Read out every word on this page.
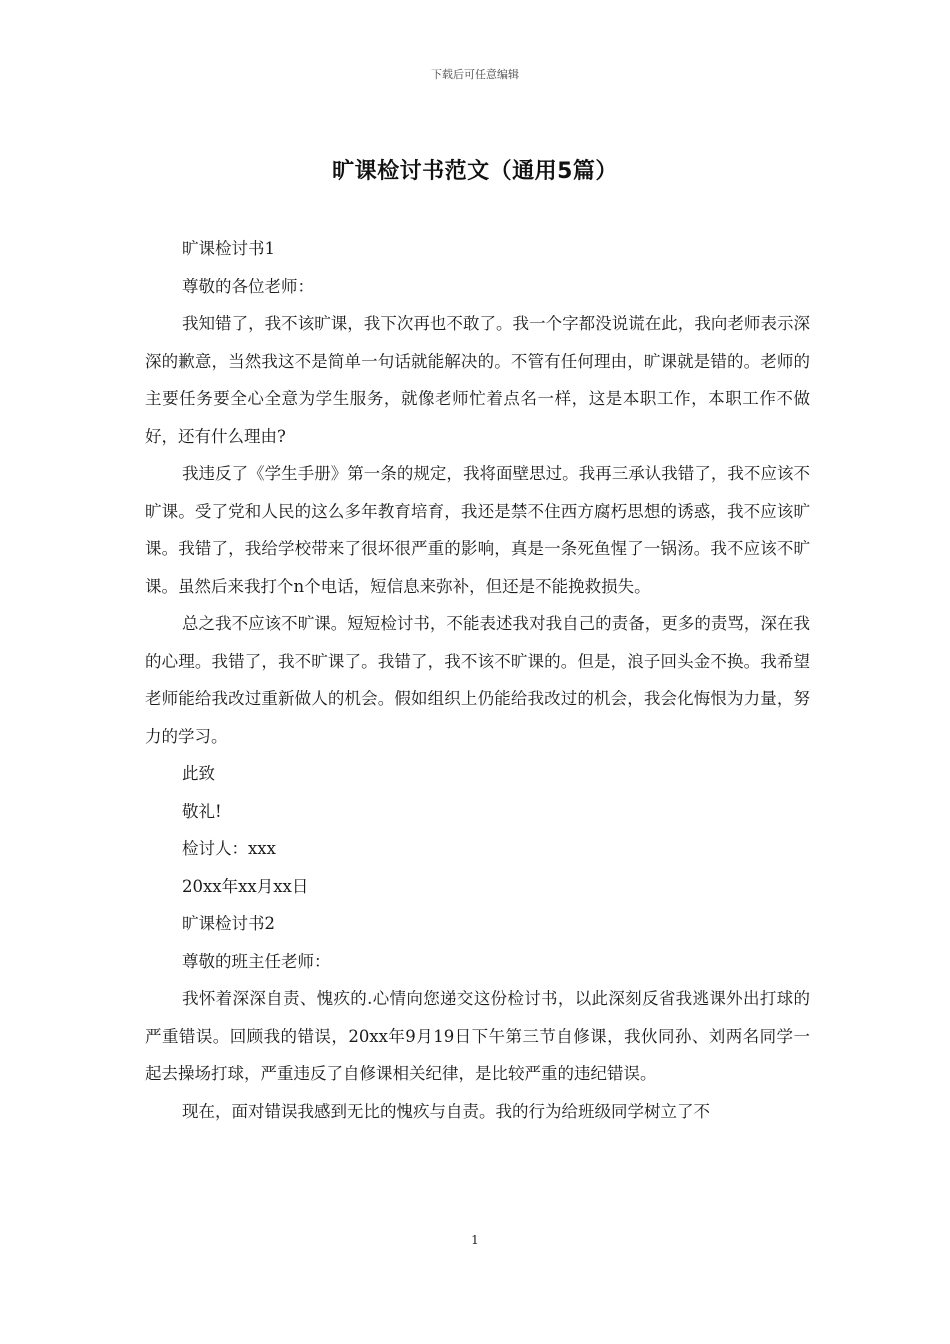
下载后可任意编辑
旷课检讨书范文（通用5篇）

旷课检讨书1

尊敬的各位老师：

我知错了，我不该旷课，我下次再也不敢了。我一个字都没说谎在此，我向老师表示深深的歉意，当然我这不是简单一句话就能解决的。不管有任何理由，旷课就是错的。老师的主要任务要全心全意为学生服务，就像老师忙着点名一样，这是本职工作，本职工作不做好，还有什么理由?

我违反了《学生手册》第一条的规定，我将面壁思过。我再三承认我错了，我不应该不旷课。受了党和人民的这么多年教育培育，我还是禁不住西方腐朽思想的诱惑，我不应该旷课。我错了，我给学校带来了很坏很严重的影响，真是一条死鱼惺了一锅汤。我不应该不旷课。虽然后来我打个n个电话，短信息来弥补，但还是不能挽救损失。

总之我不应该不旷课。短短检讨书，不能表述我对我自己的责备，更多的责骂，深在我的心理。我错了，我不旷课了。我错了，我不该不旷课的。但是，浪子回头金不换。我希望老师能给我改过重新做人的机会。假如组织上仍能给我改过的机会，我会化悔恨为力量，努力的学习。

此致

敬礼!

检讨人：xxx

20xx年xx月xx日

旷课检讨书2

尊敬的班主任老师：

我怀着深深自责、愧疚的.心情向您递交这份检讨书，以此深刻反省我逃课外出打球的严重错误。回顾我的错误，20xx年9月19日下午第三节自修课，我伙同孙、刘两名同学一起去操场打球，严重违反了自修课相关纪律，是比较严重的违纪错误。

现在，面对错误我感到无比的愧疚与自责。我的行为给班级同学树立了不

1
